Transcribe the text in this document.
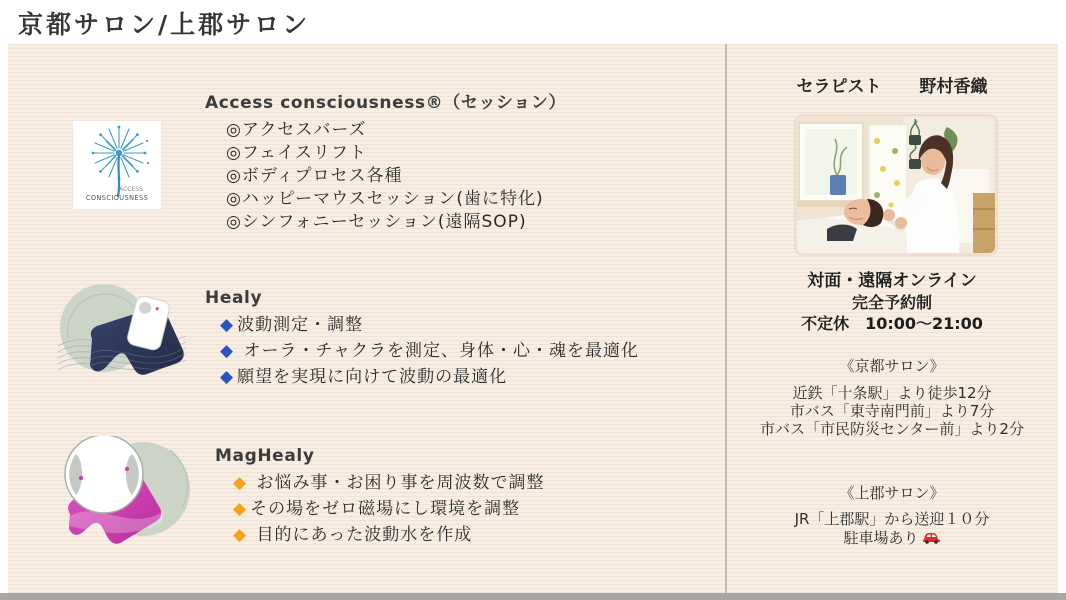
京都サロン/上郡サロン
ACCESS
CONSCIOUSNESS
Access consciousness®（セッション）
◎アクセスバーズ
◎フェイスリフト
◎ボディプロセス各種
◎ハッピーマウスセッション(歯に特化)
◎シンフォニーセッション(遠隔SOP)
Healy
◆ 波動測定・調整
◆ オーラ・チャクラを測定、身体・心・魂を最適化
◆ 願望を実現に向けて波動の最適化
MagHealy
◆ お悩み事・お困り事を周波数で調整
◆ その場をゼロ磁場にし環境を調整
◆ 目的にあった波動水を作成
セラピスト 野村香織
対面・遠隔オンライン
完全予約制
不定休　10:00〜21:00
《京都サロン》
近鉄「十条駅」より徒歩12分
市バス「東寺南門前」より7分
市バス「市民防災センター前」より2分
《上郡サロン》
JR「上郡駅」から送迎１０分
駐車場あり
